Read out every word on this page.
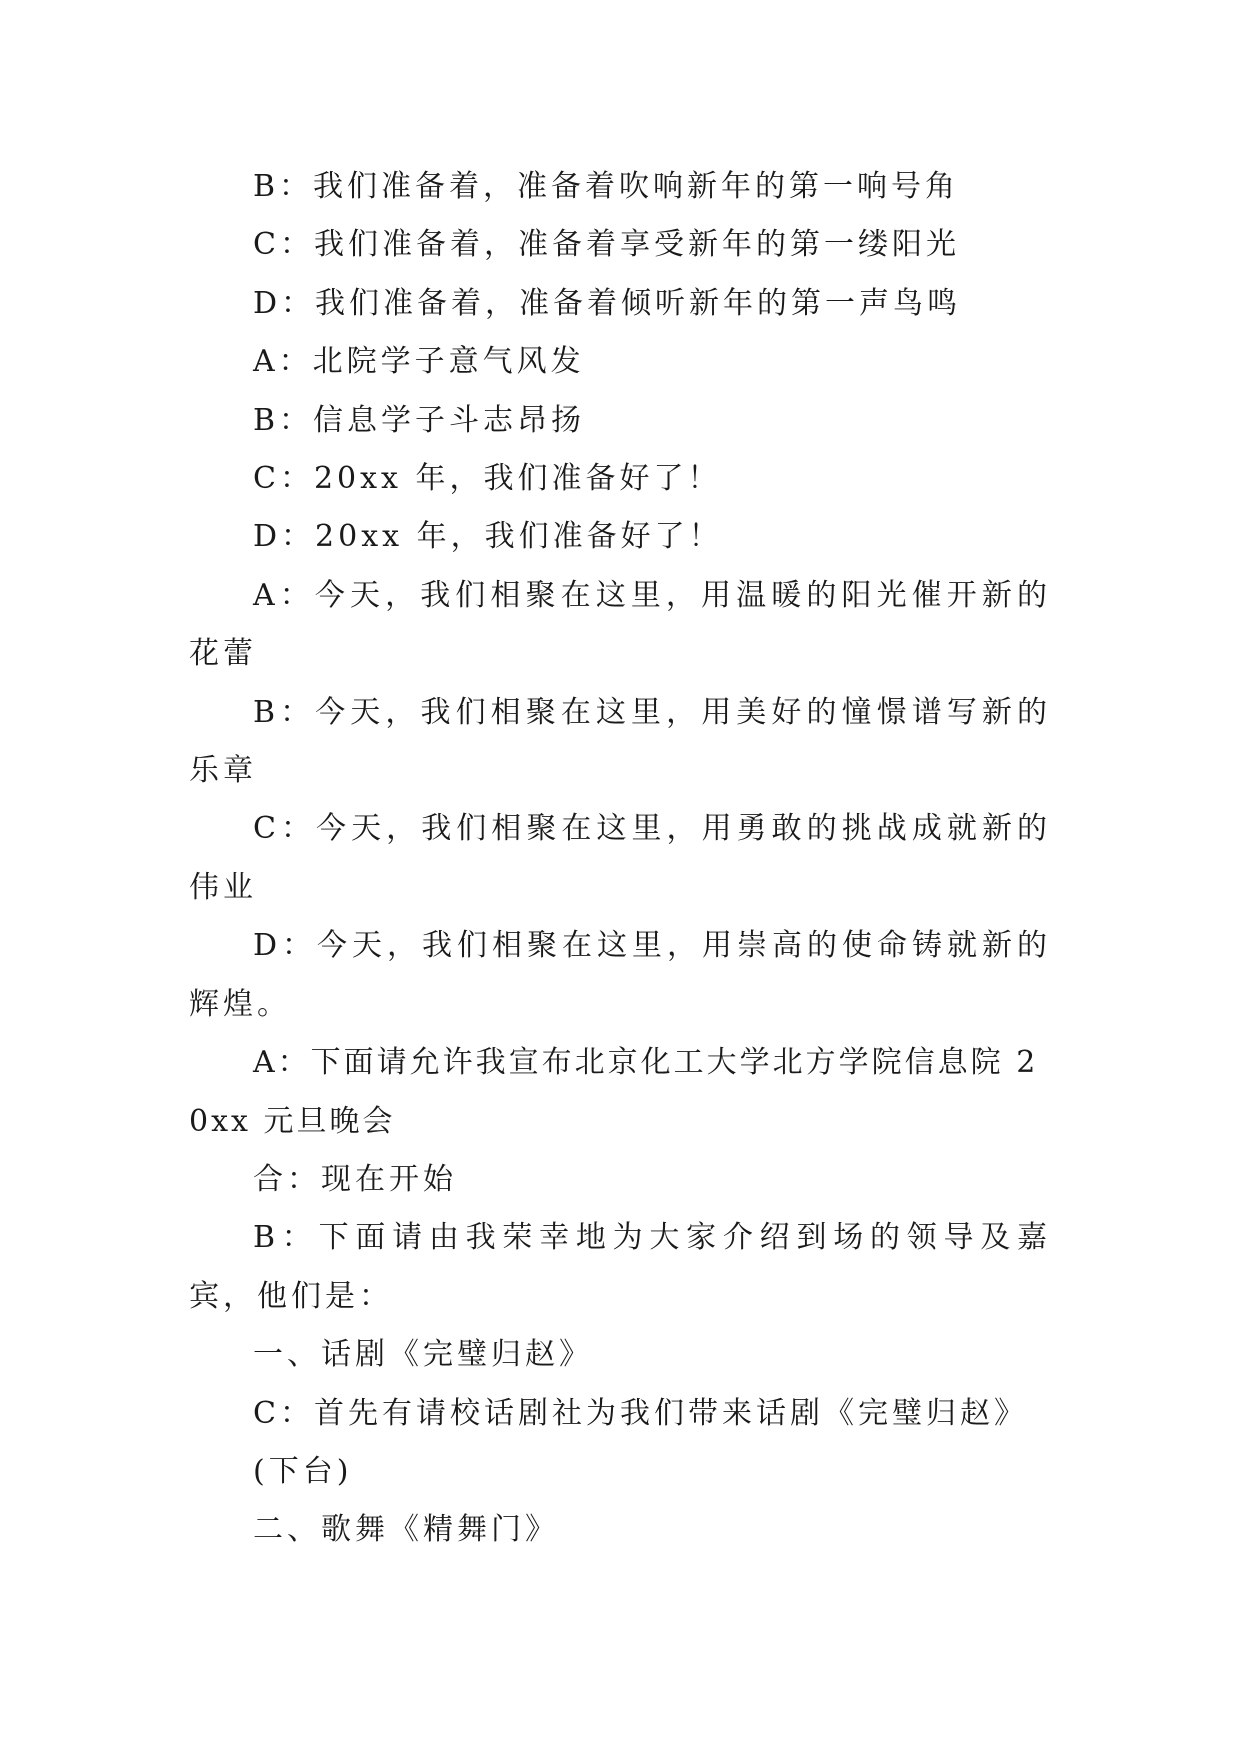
B：我们准备着，准备着吹响新年的第一响号角

C：我们准备着，准备着享受新年的第一缕阳光

D：我们准备着，准备着倾听新年的第一声鸟鸣

A：北院学子意气风发

B：信息学子斗志昂扬

C：20xx 年，我们准备好了！

D：20xx 年，我们准备好了！

A：今天，我们相聚在这里，用温暖的阳光催开新的花蕾

B：今天，我们相聚在这里，用美好的憧憬谱写新的乐章

C：今天，我们相聚在这里，用勇敢的挑战成就新的伟业

D：今天，我们相聚在这里，用崇高的使命铸就新的辉煌。

A：下面请允许我宣布北京化工大学北方学院信息院 20xx 元旦晚会

合：现在开始

B：下面请由我荣幸地为大家介绍到场的领导及嘉宾，他们是：

一、话剧《完璧归赵》

C：首先有请校话剧社为我们带来话剧《完璧归赵》

(下台)

二、歌舞《精舞门》
